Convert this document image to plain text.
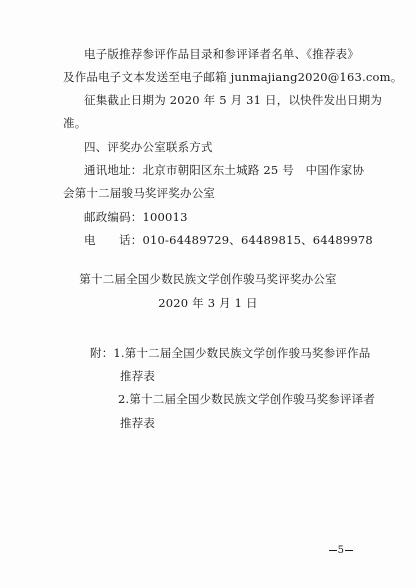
电子版推荐参评作品目录和参评译者名单、《推荐表》
及作品电子文本发送至电子邮箱 junmajiang2020@163.com。
征集截止日期为 2020 年 5 月 31 日，以快件发出日期为
准。
四、评奖办公室联系方式
通讯地址：北京市朝阳区东土城路 25 号　中国作家协
会第十二届骏马奖评奖办公室
邮政编码：100013
电　　话：010-64489729、64489815、64489978
第十二届全国少数民族文学创作骏马奖评奖办公室
2020 年 3 月 1 日
附：1.第十二届全国少数民族文学创作骏马奖参评作品
推荐表
2.第十二届全国少数民族文学创作骏马奖参评译者
推荐表
5
